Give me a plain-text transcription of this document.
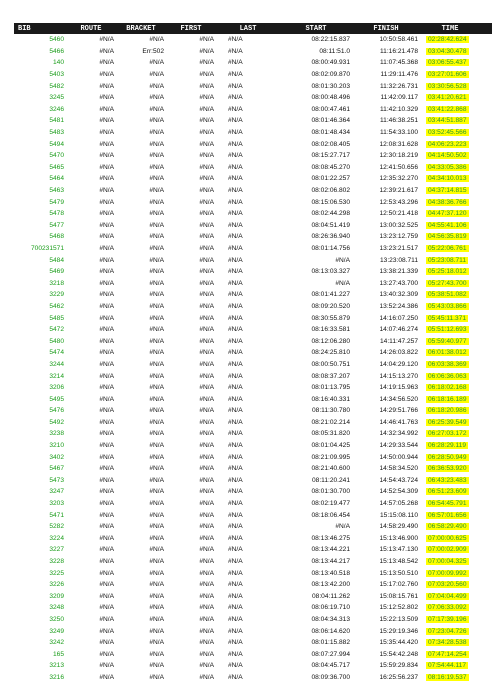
BIB	ROUTE	BRACKET	FIRST	LAST	START	FINISH	TIME
5460	#N/A	#N/A	#N/A	#N/A	08:22:15.837	10:50:58.461	02:28:42.624
5466	#N/A	Err:502	#N/A	#N/A	08:11:51.0	11:16:21.478	03:04:30.478
140	#N/A	#N/A	#N/A	#N/A	08:00:49.931	11:07:45.368	03:06:55.437
5403	#N/A	#N/A	#N/A	#N/A	08:02:09.870	11:29:11.476	03:27:01.606
5482	#N/A	#N/A	#N/A	#N/A	08:01:30.203	11:32:26.731	03:30:56.528
3245	#N/A	#N/A	#N/A	#N/A	08:00:48.496	11:42:09.117	03:41:20.621
3246	#N/A	#N/A	#N/A	#N/A	08:00:47.461	11:42:10.329	03:41:22.868
5481	#N/A	#N/A	#N/A	#N/A	08:01:46.364	11:46:38.251	03:44:51.887
5483	#N/A	#N/A	#N/A	#N/A	08:01:48.434	11:54:33.100	03:52:45.566
5494	#N/A	#N/A	#N/A	#N/A	08:02:08.405	12:08:31.628	04:06:23.223
5470	#N/A	#N/A	#N/A	#N/A	08:15:27.717	12:30:18.219	04:14:50.502
5465	#N/A	#N/A	#N/A	#N/A	08:08:45.270	12:41:50.656	04:33:05.386
5464	#N/A	#N/A	#N/A	#N/A	08:01:22.257	12:35:32.270	04:34:10.013
5463	#N/A	#N/A	#N/A	#N/A	08:02:06.802	12:39:21.617	04:37:14.815
5479	#N/A	#N/A	#N/A	#N/A	08:15:06.530	12:53:43.296	04:38:36.766
5478	#N/A	#N/A	#N/A	#N/A	08:02:44.298	12:50:21.418	04:47:37.120
5477	#N/A	#N/A	#N/A	#N/A	08:04:51.419	13:00:32.525	04:55:41.106
5468	#N/A	#N/A	#N/A	#N/A	08:26:36.940	13:23:12.759	04:56:35.819
700231571	#N/A	#N/A	#N/A	#N/A	08:01:14.756	13:23:21.517	05:22:06.761
5484	#N/A	#N/A	#N/A	#N/A	#N/A	13:23:08.711	05:23:08.711
5469	#N/A	#N/A	#N/A	#N/A	08:13:03.327	13:38:21.339	05:25:18.012
3218	#N/A	#N/A	#N/A	#N/A	#N/A	13:27:43.700	05:27:43.700
3229	#N/A	#N/A	#N/A	#N/A	08:01:41.227	13:40:32.309	05:38:51.082
5462	#N/A	#N/A	#N/A	#N/A	08:09:20.520	13:52:24.386	05:43:03.866
5485	#N/A	#N/A	#N/A	#N/A	08:30:55.879	14:16:07.250	05:45:11.371
5472	#N/A	#N/A	#N/A	#N/A	08:16:33.581	14:07:46.274	05:51:12.693
5480	#N/A	#N/A	#N/A	#N/A	08:12:06.280	14:11:47.257	05:59:40.977
5474	#N/A	#N/A	#N/A	#N/A	08:24:25.810	14:26:03.822	06:01:38.012
3244	#N/A	#N/A	#N/A	#N/A	08:00:50.751	14:04:29.120	06:03:38.369
3214	#N/A	#N/A	#N/A	#N/A	08:08:37.207	14:15:13.270	06:06:36.063
3206	#N/A	#N/A	#N/A	#N/A	08:01:13.795	14:19:15.963	06:18:02.168
5495	#N/A	#N/A	#N/A	#N/A	08:16:40.331	14:34:56.520	06:18:16.189
5476	#N/A	#N/A	#N/A	#N/A	08:11:30.780	14:29:51.766	06:18:20.986
5492	#N/A	#N/A	#N/A	#N/A	08:21:02.214	14:46:41.763	06:25:39.549
3238	#N/A	#N/A	#N/A	#N/A	08:05:31.820	14:32:34.992	06:27:03.172
3210	#N/A	#N/A	#N/A	#N/A	08:01:04.425	14:29:33.544	06:28:29.119
3402	#N/A	#N/A	#N/A	#N/A	08:21:09.995	14:50:00.944	06:28:50.949
5467	#N/A	#N/A	#N/A	#N/A	08:21:40.600	14:58:34.520	06:36:53.920
5473	#N/A	#N/A	#N/A	#N/A	08:11:20.241	14:54:43.724	06:43:23.483
3247	#N/A	#N/A	#N/A	#N/A	08:01:30.700	14:52:54.309	06:51:23.609
3203	#N/A	#N/A	#N/A	#N/A	08:02:19.477	14:57:05.268	06:54:45.791
5471	#N/A	#N/A	#N/A	#N/A	08:18:06.454	15:15:08.110	06:57:01.656
5282	#N/A	#N/A	#N/A	#N/A	#N/A	14:58:29.490	06:58:29.490
3224	#N/A	#N/A	#N/A	#N/A	08:13:46.275	15:13:46.900	07:00:00.625
3227	#N/A	#N/A	#N/A	#N/A	08:13:44.221	15:13:47.130	07:00:02.909
3228	#N/A	#N/A	#N/A	#N/A	08:13:44.217	15:13:48.542	07:00:04.325
3225	#N/A	#N/A	#N/A	#N/A	08:13:40.518	15:13:50.510	07:00:09.992
3226	#N/A	#N/A	#N/A	#N/A	08:13:42.200	15:17:02.760	07:03:20.560
3209	#N/A	#N/A	#N/A	#N/A	08:04:11.262	15:08:15.761	07:04:04.499
3248	#N/A	#N/A	#N/A	#N/A	08:06:19.710	15:12:52.802	07:06:33.092
3250	#N/A	#N/A	#N/A	#N/A	08:04:34.313	15:22:13.509	07:17:39.196
3249	#N/A	#N/A	#N/A	#N/A	08:06:14.620	15:29:19.346	07:23:04.726
3242	#N/A	#N/A	#N/A	#N/A	08:01:15.882	15:35:44.420	07:34:28.538
165	#N/A	#N/A	#N/A	#N/A	08:07:27.994	15:54:42.248	07:47:14.254
3213	#N/A	#N/A	#N/A	#N/A	08:04:45.717	15:59:29.834	07:54:44.117
3216	#N/A	#N/A	#N/A	#N/A	08:09:36.700	16:25:56.237	08:16:19.537
